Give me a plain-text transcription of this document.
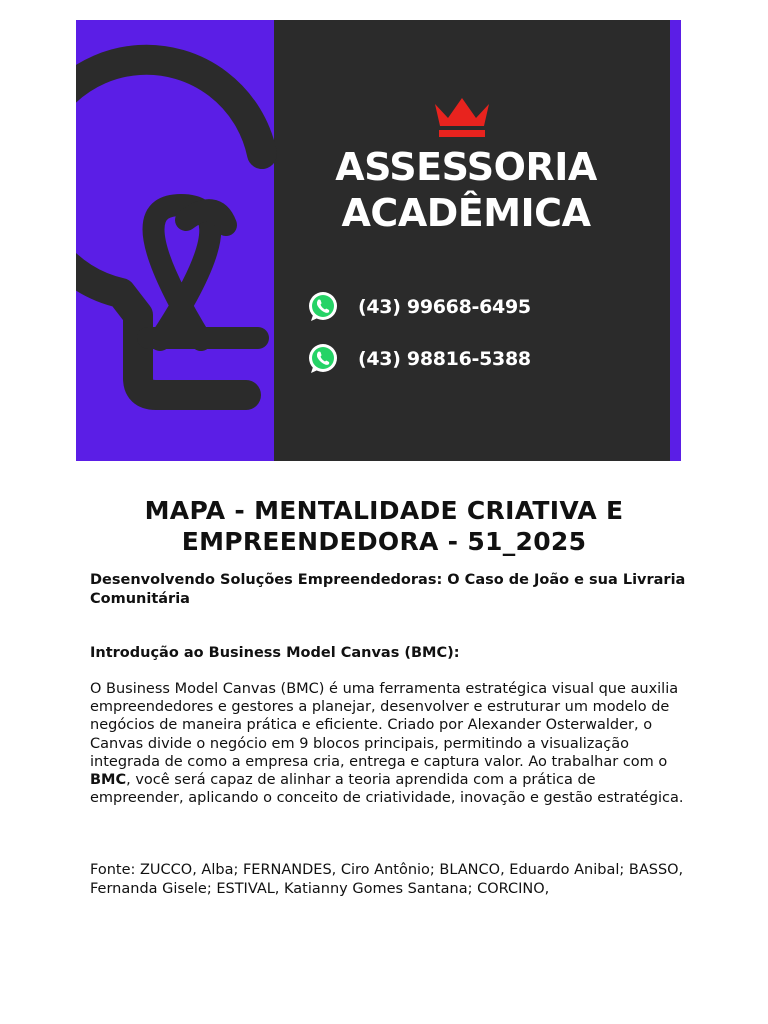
ASSESSORIA
ACADÊMICA
(43) 99668-6495
(43) 98816-5388
MAPA - MENTALIDADE CRIATIVA E
EMPREENDEDORA - 51_2025
Desenvolvendo Soluções Empreendedoras: O Caso de João e sua Livraria Comunitária
Introdução ao Business Model Canvas (BMC):
O Business Model Canvas (BMC) é uma ferramenta estratégica visual que auxilia empreendedores e gestores a planejar, desenvolver e estruturar um modelo de negócios de maneira prática e eficiente. Criado por Alexander Osterwalder, o Canvas divide o negócio em 9 blocos principais, permitindo a visualização integrada de como a empresa cria, entrega e captura valor. Ao trabalhar com o BMC, você será capaz de alinhar a teoria aprendida com a prática de empreender, aplicando o conceito de criatividade, inovação e gestão estratégica.
Fonte: ZUCCO, Alba; FERNANDES, Ciro Antônio; BLANCO, Eduardo Anibal; BASSO, Fernanda Gisele; ESTIVAL, Katianny Gomes Santana; CORCINO,
